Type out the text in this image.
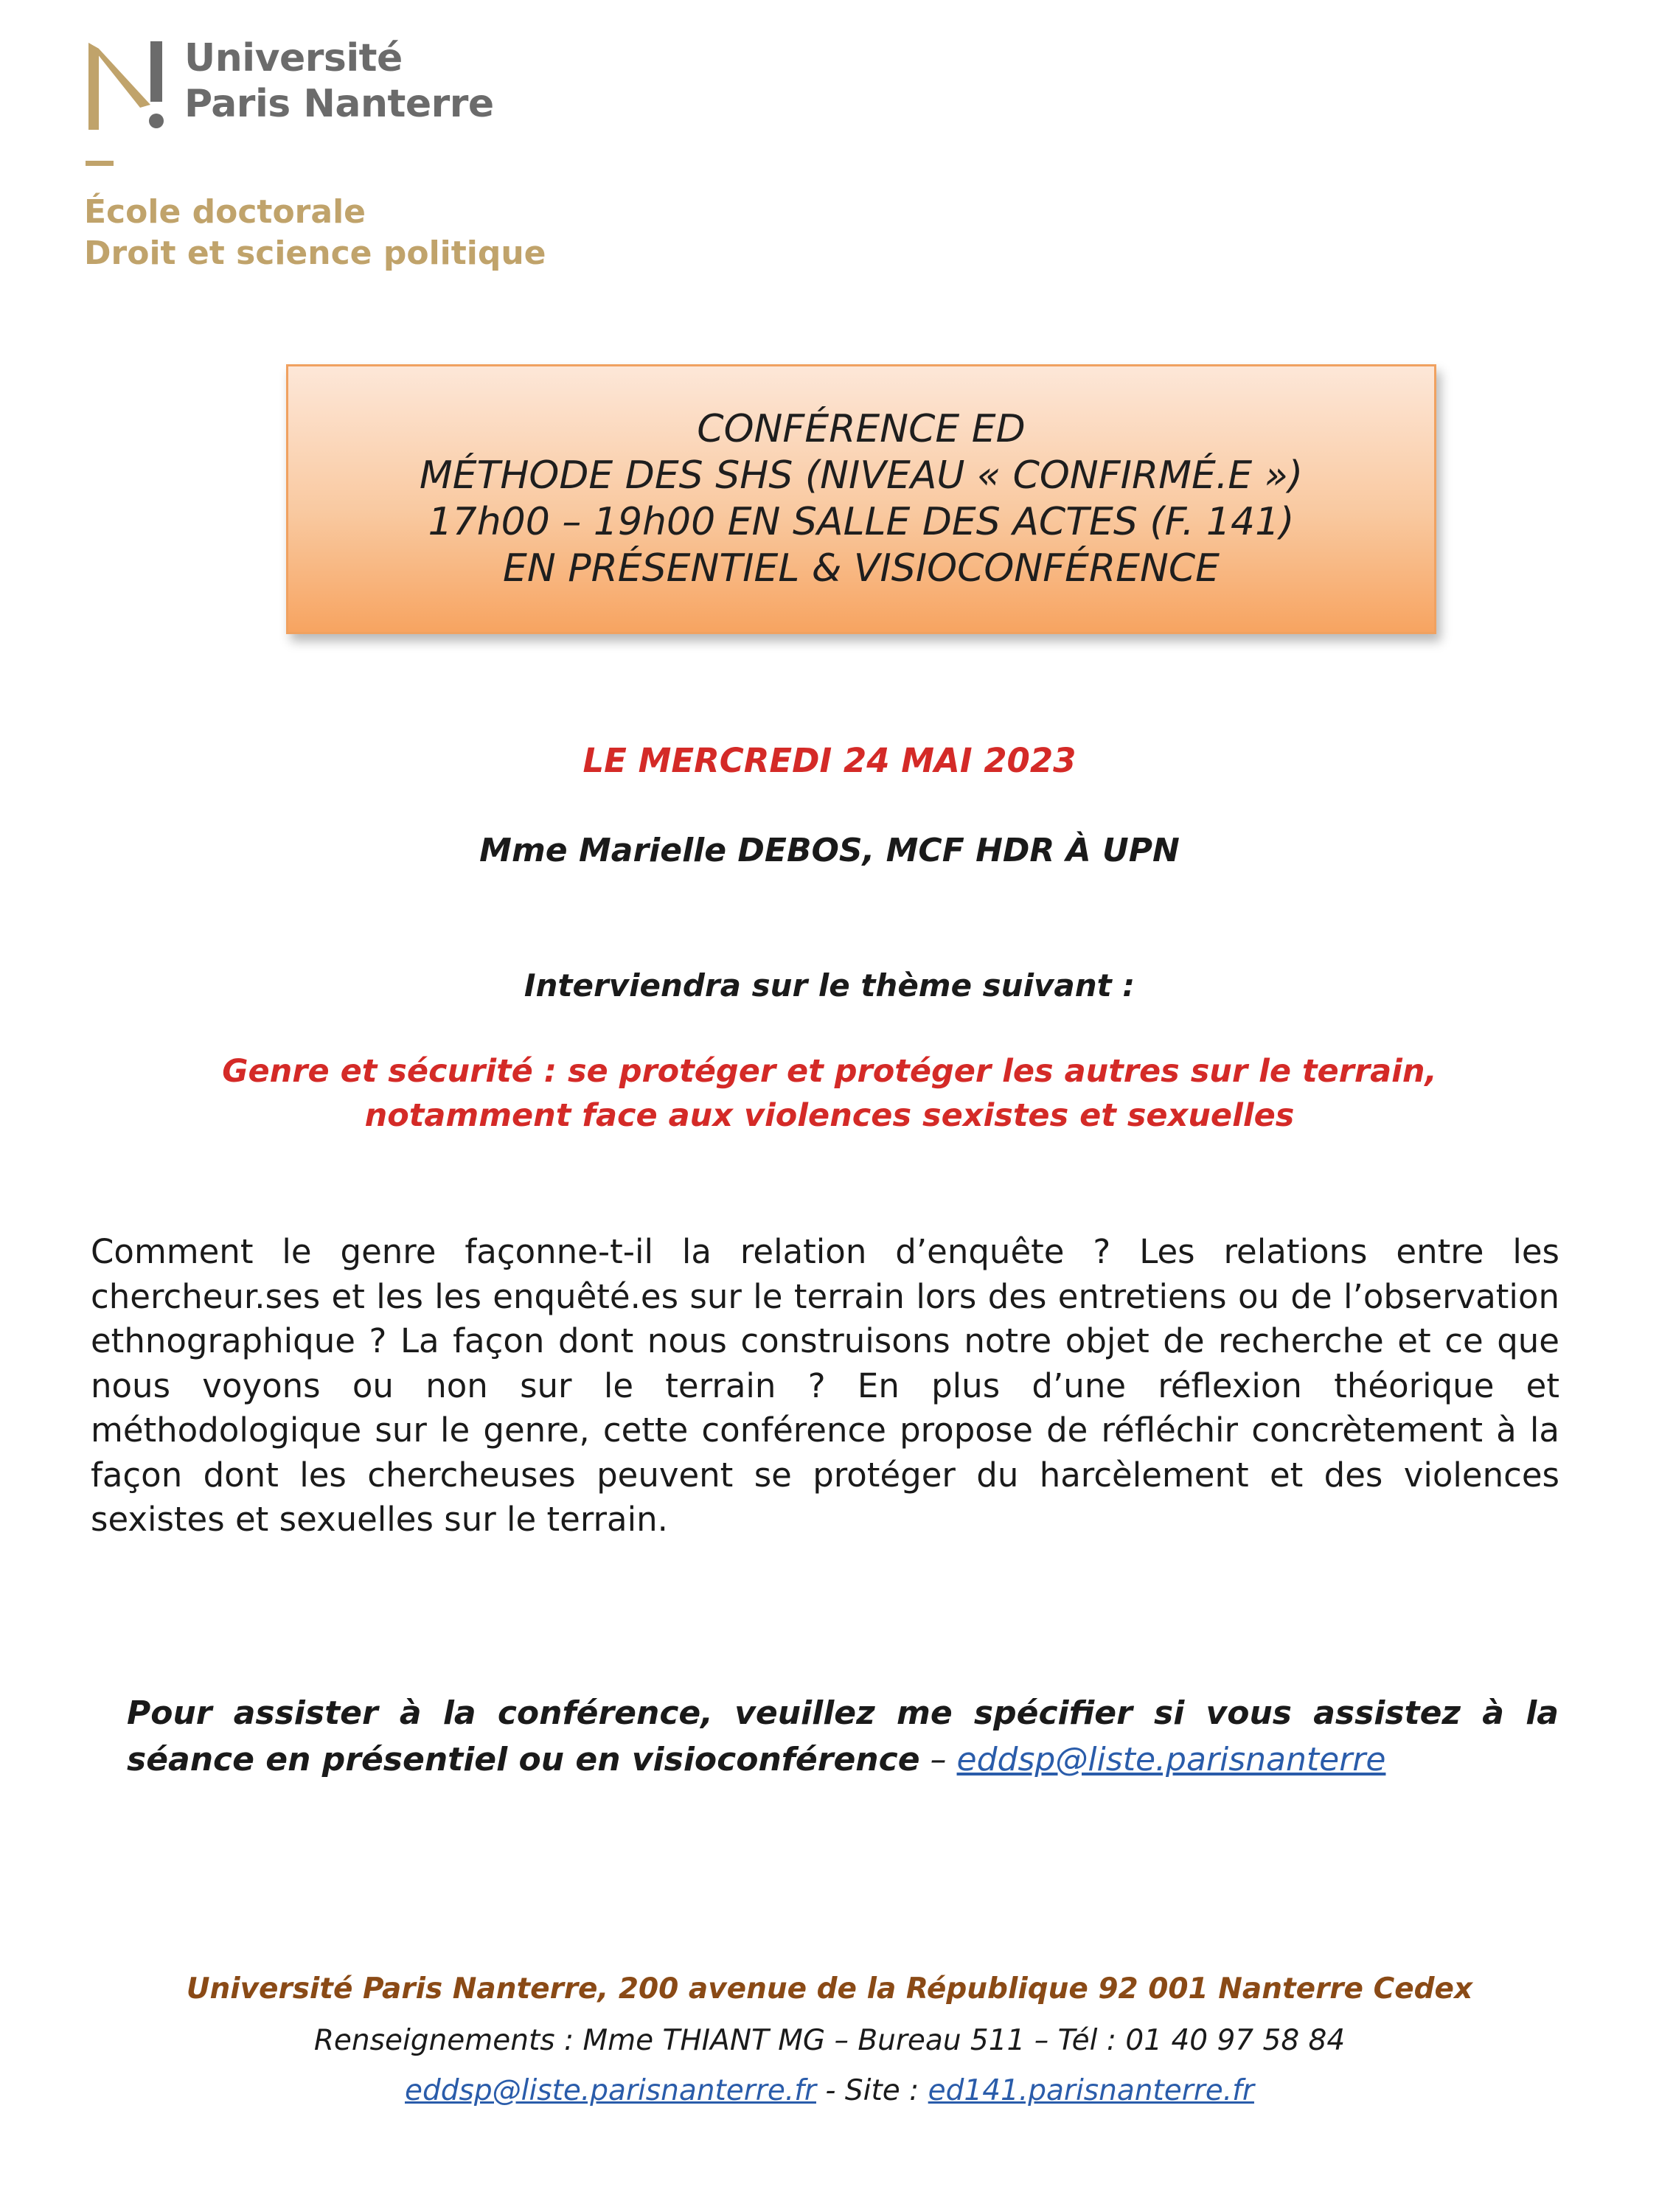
Université
Paris Nanterre
École doctorale
Droit et science politique
CONFÉRENCE ED
MÉTHODE DES SHS (NIVEAU « CONFIRMÉ.E »)
17h00 – 19h00 EN SALLE DES ACTES (F. 141)
EN PRÉSENTIEL & VISIOCONFÉRENCE
LE MERCREDI 24 MAI 2023
Mme Marielle DEBOS, MCF HDR À UPN
Interviendra sur le thème suivant :
Genre et sécurité : se protéger et protéger les autres sur le terrain,
notamment face aux violences sexistes et sexuelles
Comment le genre façonne-t-il la relation d’enquête ? Les relations entre les chercheur.ses et les les enquêté.es sur le terrain lors des entretiens ou de l’observation ethnographique ? La façon dont nous construisons notre objet de recherche et ce que nous voyons ou non sur le terrain ? En plus d’une réflexion théorique et méthodologique sur le genre, cette conférence propose de réfléchir concrètement à la façon dont les chercheuses peuvent se protéger du harcèlement et des violences sexistes et sexuelles sur le terrain.
Pour assister à la conférence, veuillez me spécifier si vous assistez à la séance en présentiel ou en visioconférence – eddsp@liste.parisnanterre
Université Paris Nanterre, 200 avenue de la République 92 001 Nanterre Cedex
Renseignements : Mme THIANT MG – Bureau 511 – Tél : 01 40 97 58 84
eddsp@liste.parisnanterre.fr - Site : ed141.parisnanterre.fr
